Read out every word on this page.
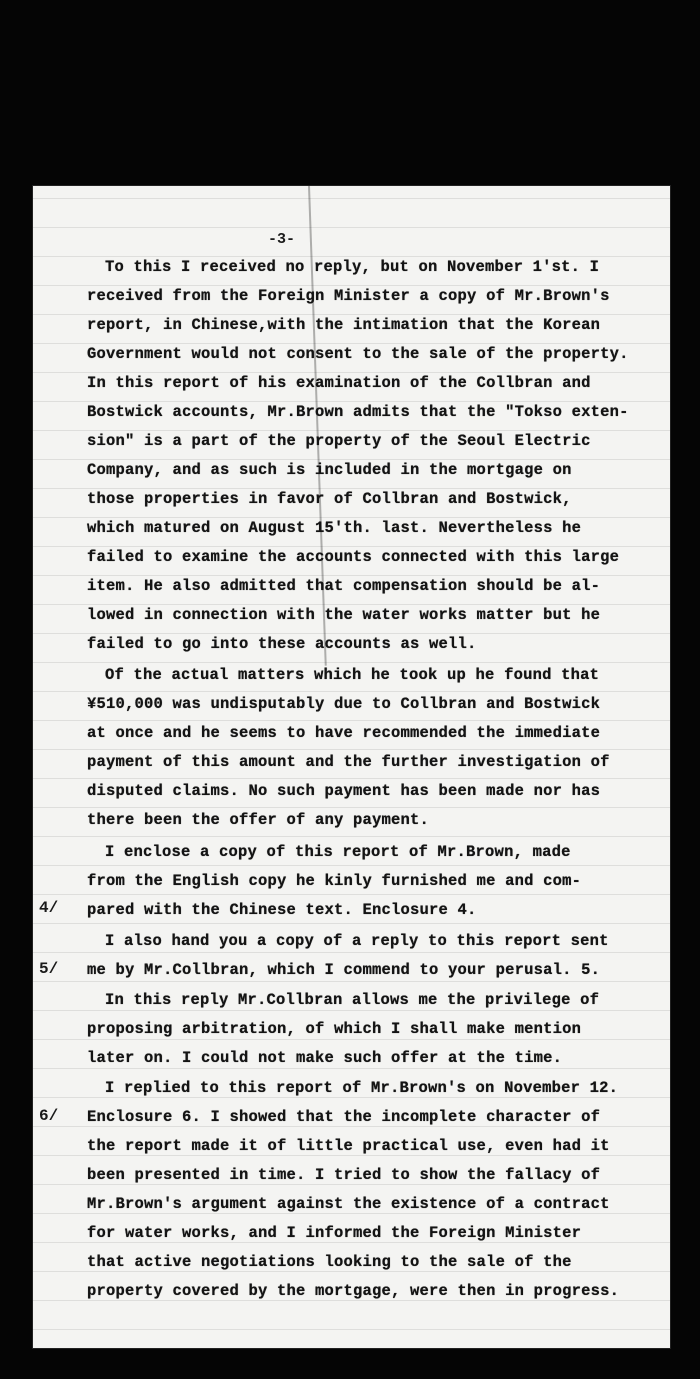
-3-
To this I received no reply, but on November 1'st. I
received from the Foreign Minister a copy of Mr.Brown's
report, in Chinese,with the intimation that the Korean
Government would not consent to the sale of the property.
In this report of his examination of the Collbran and
Bostwick accounts, Mr.Brown admits that the "Tokso exten-
sion" is a part of the property of the Seoul Electric
Company, and as such is included in the mortgage on
those properties in favor of Collbran and Bostwick,
which matured on August 15'th. last. Nevertheless he
failed to examine the accounts connected with this large
item. He also admitted that compensation should be al-
lowed in connection with the water works matter but he
failed to go into these accounts as well.
Of the actual matters which he took up he found that
¥510,000 was undisputably due to Collbran and Bostwick
at once and he seems to have recommended the immediate
payment of this amount and the further investigation of
disputed claims. No such payment has been made nor has
there been the offer of any payment.
I enclose a copy of this report of Mr.Brown, made
from the English copy he kinly furnished me and com-
pared with the Chinese text. Enclosure 4.
I also hand you a copy of a reply to this report sent
me by Mr.Collbran, which I commend to your perusal. 5.
In this reply Mr.Collbran allows me the privilege of
proposing arbitration, of which I shall make mention
later on. I could not make such offer at the time.
I replied to this report of Mr.Brown's on November 12.
Enclosure 6. I showed that the incomplete character of
the report made it of little practical use, even had it
been presented in time. I tried to show the fallacy of
Mr.Brown's argument against the existence of a contract
for water works, and I informed the Foreign Minister
that active negotiations looking to the sale of the
property covered by the mortgage, were then in progress.
4/
5/
6/
